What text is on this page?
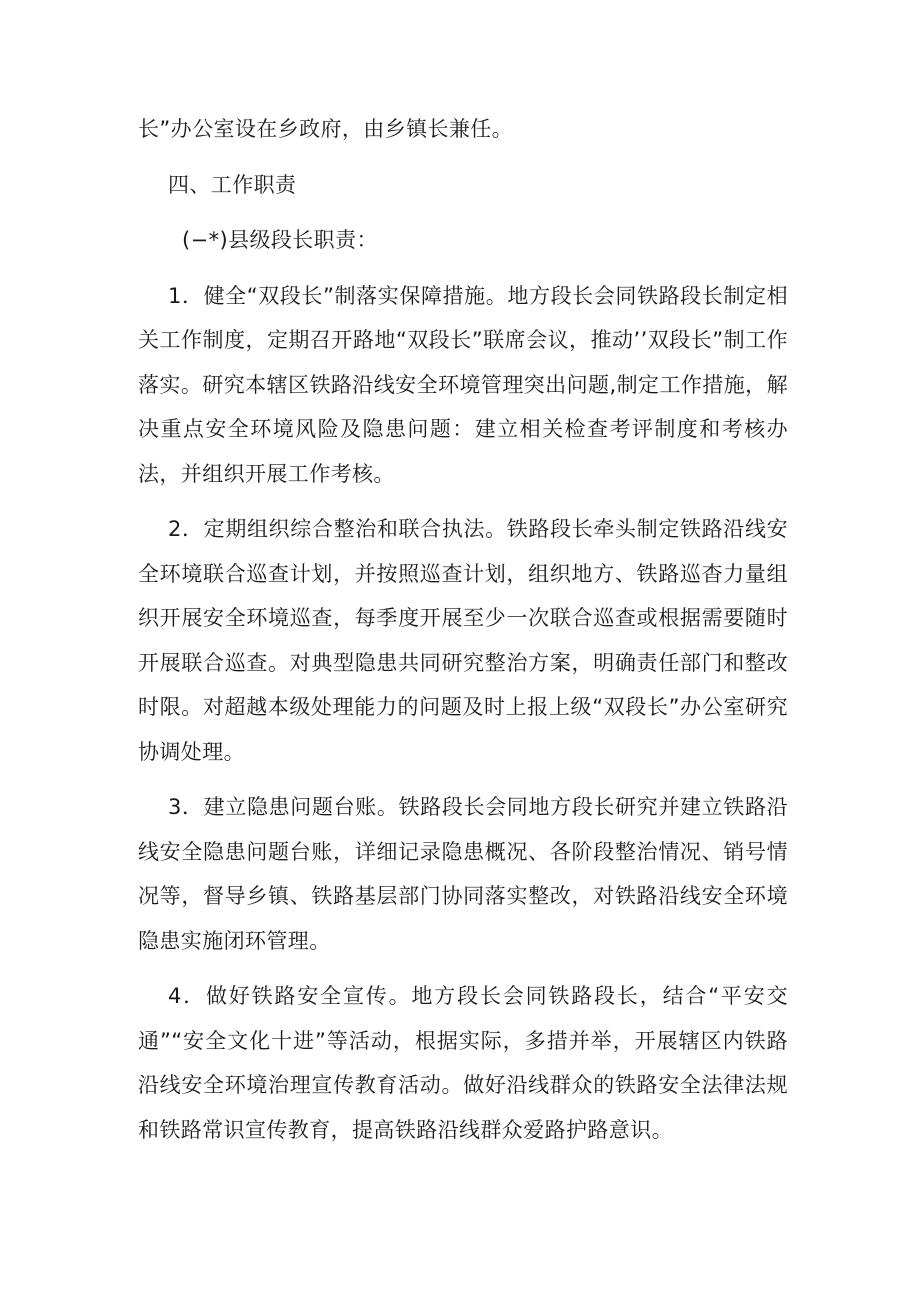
长”办公室设在乡政府，由乡镇长兼任。

四、工作职责

(−*)县级段长职责：

1．健全“双段长”制落实保障措施。地方段长会同铁路段长制定相关工作制度，定期召开路地“双段长”联席会议，推动’’双段长”制工作落实。研究本辖区铁路沿线安全环境管理突出问题,制定工作措施，解决重点安全环境风险及隐患问题：建立相关检查考评制度和考核办法，并组织开展工作考核。

2．定期组织综合整治和联合执法。铁路段长牵头制定铁路沿线安全环境联合巡查计划，并按照巡查计划，组织地方、铁路巡杳力量组织开展安全环境巡查，每季度开展至少一次联合巡查或根据需要随时开展联合巡查。对典型隐患共同研究整治方案，明确责任部门和整改时限。对超越本级处理能力的问题及时上报上级“双段长”办公室研究协调处理。

3．建立隐患问题台账。铁路段长会同地方段长研究并建立铁路沿线安全隐患问题台账，详细记录隐患概况、各阶段整治情况、销号情况等，督导乡镇、铁路基层部门协同落实整改，对铁路沿线安全环境隐患实施闭环管理。

4．做好铁路安全宣传。地方段长会同铁路段长，结合“平安交通”“安全文化十进”等活动，根据实际，多措并举，开展辖区内铁路沿线安全环境治理宣传教育活动。做好沿线群众的铁路安全法律法规和铁路常识宣传教育，提高铁路沿线群众爱路护路意识。
